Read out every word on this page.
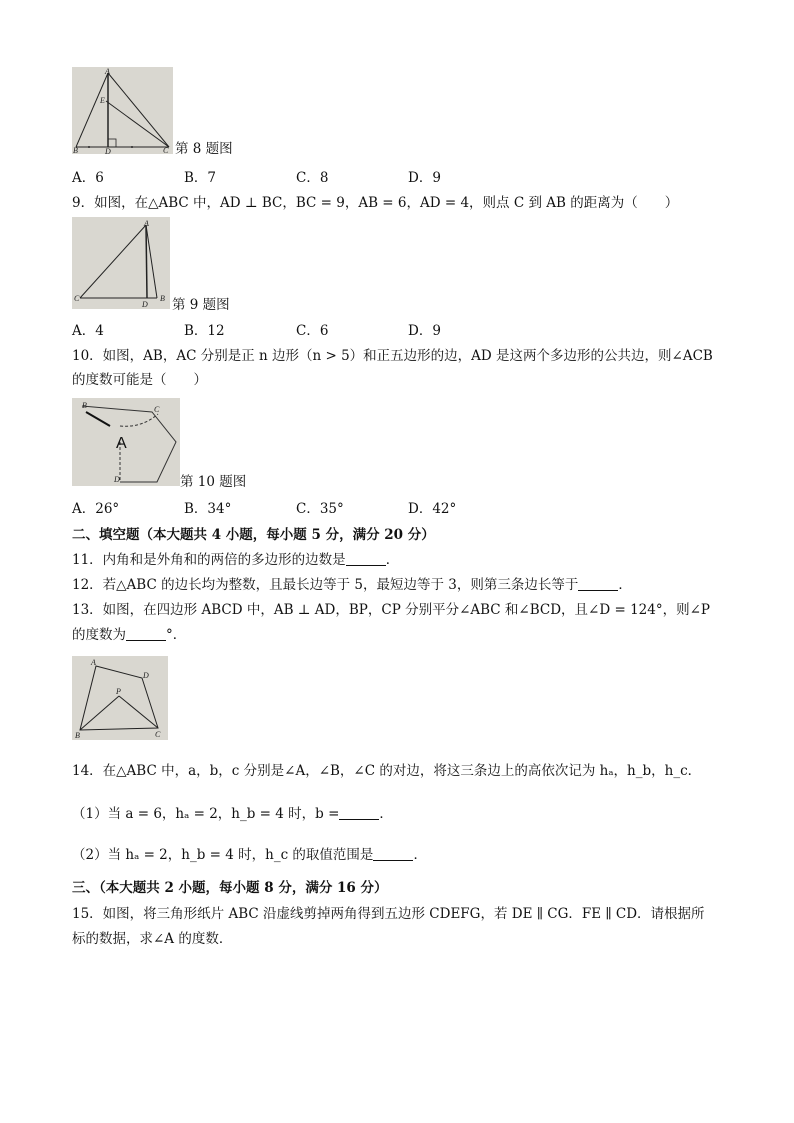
A
E
B	D	C 第 8 题图
A．6	B．7	C．8	D．9
9．如图，在△ABC 中，AD ⊥ BC，BC = 9，AB = 6，AD = 4，则点 C 到 AB 的距离为（　　）
A
C
D
B 第 9 题图
A．4	B．12	C．6	D．9
10．如图，AB，AC 分别是正 n 边形（n > 5）和正五边形的边，AD 是这两个多边形的公共边，则∠ACB
的度数可能是（　　）
B	C
A
D	第 10 题图
A．26°	B．34°	C．35°	D．42°
二、填空题（本大题共 4 小题，每小题 5 分，满分 20 分）
11．内角和是外角和的两倍的多边形的边数是	．
12．若△ABC 的边长均为整数，且最长边等于 5，最短边等于 3，则第三条边长等于	．
13．如图，在四边形 ABCD 中，AB ⊥ AD，BP，CP 分别平分∠ABC 和∠BCD，且∠D = 124°，则∠P
的度数为	°．
A
D
P
B	C
14．在△ABC 中，a，b，c 分别是∠A，∠B，∠C 的对边，将这三条边上的高依次记为 hₐ，h_b，h_c．
（1）当 a = 6，hₐ = 2，h_b = 4 时，b =	．
（2）当 hₐ = 2，h_b = 4 时，h_c 的取值范围是	．
三、（本大题共 2 小题，每小题 8 分，满分 16 分）
15．如图，将三角形纸片 ABC 沿虚线剪掉两角得到五边形 CDEFG，若 DE ∥ CG．FE ∥ CD．请根据所
标的数据，求∠A 的度数．
